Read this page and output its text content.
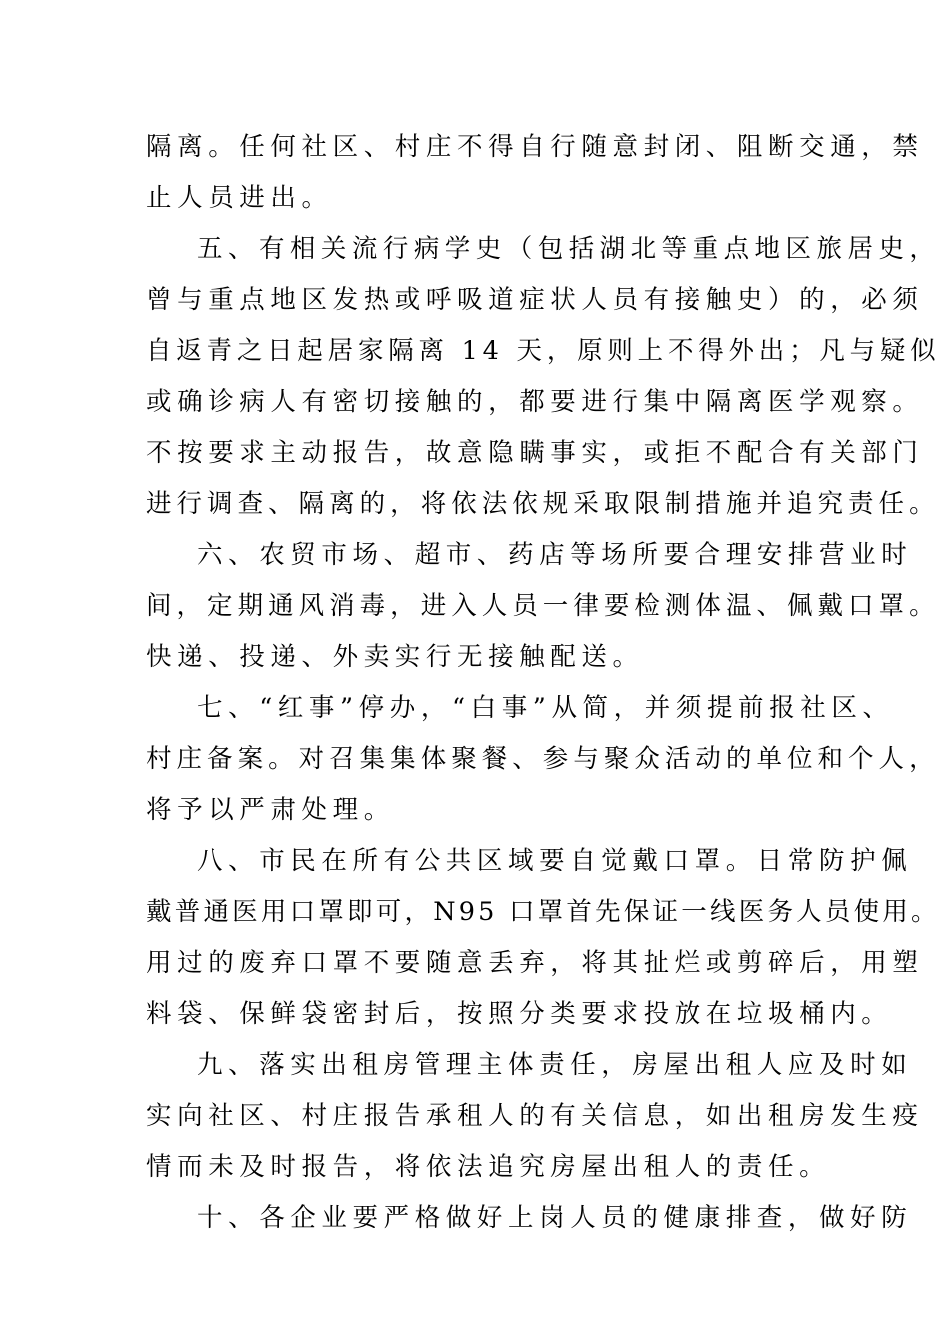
隔离。任何社区、村庄不得自行随意封闭、阻断交通，禁

止人员进出。

五、有相关流行病学史（包括湖北等重点地区旅居史，

曾与重点地区发热或呼吸道症状人员有接触史）的，必须

自返青之日起居家隔离 14 天，原则上不得外出；凡与疑似

或确诊病人有密切接触的，都要进行集中隔离医学观察。

不按要求主动报告，故意隐瞒事实，或拒不配合有关部门

进行调查、隔离的，将依法依规采取限制措施并追究责任。

六、农贸市场、超市、药店等场所要合理安排营业时

间，定期通风消毒，进入人员一律要检测体温、佩戴口罩。

快递、投递、外卖实行无接触配送。

七、“红事”停办，“白事”从简，并须提前报社区、

村庄备案。对召集集体聚餐、参与聚众活动的单位和个人，

将予以严肃处理。

八、市民在所有公共区域要自觉戴口罩。日常防护佩

戴普通医用口罩即可，N95 口罩首先保证一线医务人员使用。

用过的废弃口罩不要随意丢弃，将其扯烂或剪碎后，用塑

料袋、保鲜袋密封后，按照分类要求投放在垃圾桶内。

九、落实出租房管理主体责任，房屋出租人应及时如

实向社区、村庄报告承租人的有关信息，如出租房发生疫

情而未及时报告，将依法追究房屋出租人的责任。

十、各企业要严格做好上岗人员的健康排查，做好防
